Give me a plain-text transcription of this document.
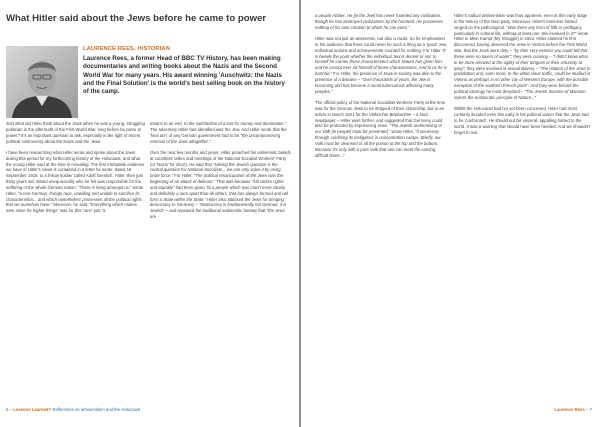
What Hitler said about the Jews before he came to power
LAURENCE REES, HISTORIAN
Laurence Rees, a former Head of BBC TV History, has been making documentaries and writing books about the Nazis and the Second World War for many years. His award winning 'Auschwitz: the Nazis and the Final Solution' is the world's best selling book on the history of the camp.

Just what did Hitler think about the Jews when he was a young, struggling politician in the aftermath of the First World War, long before he came to power? It's an important question to ask, especially in the light of recent political controversy about the Nazis and the Jews.

I have been researching what Hitler wrote and spoke about the Jews during this period for my forthcoming history of the Holocaust, and what the young Hitler said at the time is revealing. The first irrefutable evidence we have of Hitler's views is contained in a letter he wrote, dated 16 September 1919, to a fellow soldier called Adolf Gemlich. Hitler, then just thirty years old, stated unequivocally who he felt was responsible for the suffering of the whole German nation: "There is living amongst us," wrote Hitler, "a non-German, foreign race, unwilling and unable to sacrifice its characteristics... and which nonetheless possesses all the political rights that we ourselves have." Moreover, he said, "Everything which makes men strive for higher things" was for this 'race' just "a

means to an end, to the satisfaction of a lust for money and domination." The adversary Hitler had identified was the Jew. And Hitler wrote that the 'final aim' of any German government had to be "the uncompromising removal of the Jews altogether."

Over the next few months and years, Hitler preached his antisemitic beliefs at countless rallies and meetings of the National Socialist Workers' Party (or 'Nazis' for short). He said that "solving the Jewish question is the central question for National Socialists... we can only solve it by using brute force." For Hitler, "The political emancipation of the Jews was the beginning of an attack of delirium." That was because "full citizen rights and equality" had been given "to a people which was much more clearly and definitely a race apart than all others, that has always formed and will form a State within the State." Hitler also attacked the Jews for bringing democracy to Germany – "Democracy is fundamentally not German; it is Jewish" – and repeated the traditional antisemitic fantasy that "the Jews are

6 – Lessons Learned? Reflections on antisemitism and the Holocaust

a people robber. He [ie the Jew] has never founded any civilization, though he has destroyed civilizations by the hundred. He possesses nothing of his own creation to which he can point."

Hitler was not just an antisemite, but also a racist. So he emphasised to his audience that there could never be such a thing as a 'good' Jew. Individual actions and achievements counted for nothing. For Hitler "it is beside the point whether the individual Jew is decent or not. In himself he carries those characteristics which Nature has given him, and he cannot ever rid himself of those characteristics. And to us he is harmful." For Hitler, the presence of Jews in society was akin to the presence of a disease – "Over thousands of years, the Jew is becoming and has become a racial tuberculosis affecting many peoples."

The official policy of the National Socialists Workers' Party at the time was for the German Jews to be stripped of their citizenship, but in an article in March 1921 for the Völkischer Beobachter – a Nazi newspaper – Hitler went further, and suggested that Germany could also be protected by imprisoning Jews. "The Jewish undermining of our Volk [ie people] must be prevented," wrote Hitler, "if necessary through confining its instigators in concentration camps. Briefly, our Volk must be cleansed of all the poison at the top and the bottom. Because it's only with a pure Volk that one can meet the coming difficult times..."

Hitler's radical antisemitism was thus apparent, even at this early stage in the history of the Nazi party. Moreover, Hitler's immense hatred verged on the pathological. "Was there any form of filth or profligacy, particularly in cultural life, without at least one Jew involved in it?" wrote Hitler in Mein Kampf (My Struggle) in 1924. Hitler claimed he first discovered, having observed the Jews in Vienna before the First World War, that the Jews were dirty – "by their very exterior you could tell that these were no lovers of water"; they were cunning – "I didn't know what to be more amazed at the agility of their tongues or their virtuosity at lying"; they were involved in sexual slavery – "The relation of the Jews to prostitution and, even more, to the white slave traffic, could be studied in Vienna as perhaps in no other city of Western Europe, with the possible exception of the southern French ports". And they were behind the political ideology he most despised – "The Jewish doctrine of Marxism rejects the aristocratic principle of Nature..."

Whilst the Holocaust had not yet been conceived, Hitler had most certainly decided even this early in his political career that the Jews had to be 'confronted'. He should out his visceral, appalling hatred to the world. It was a warning that should have been heeded. And we shouldn't forget it now.

Laurence Rees – 7
